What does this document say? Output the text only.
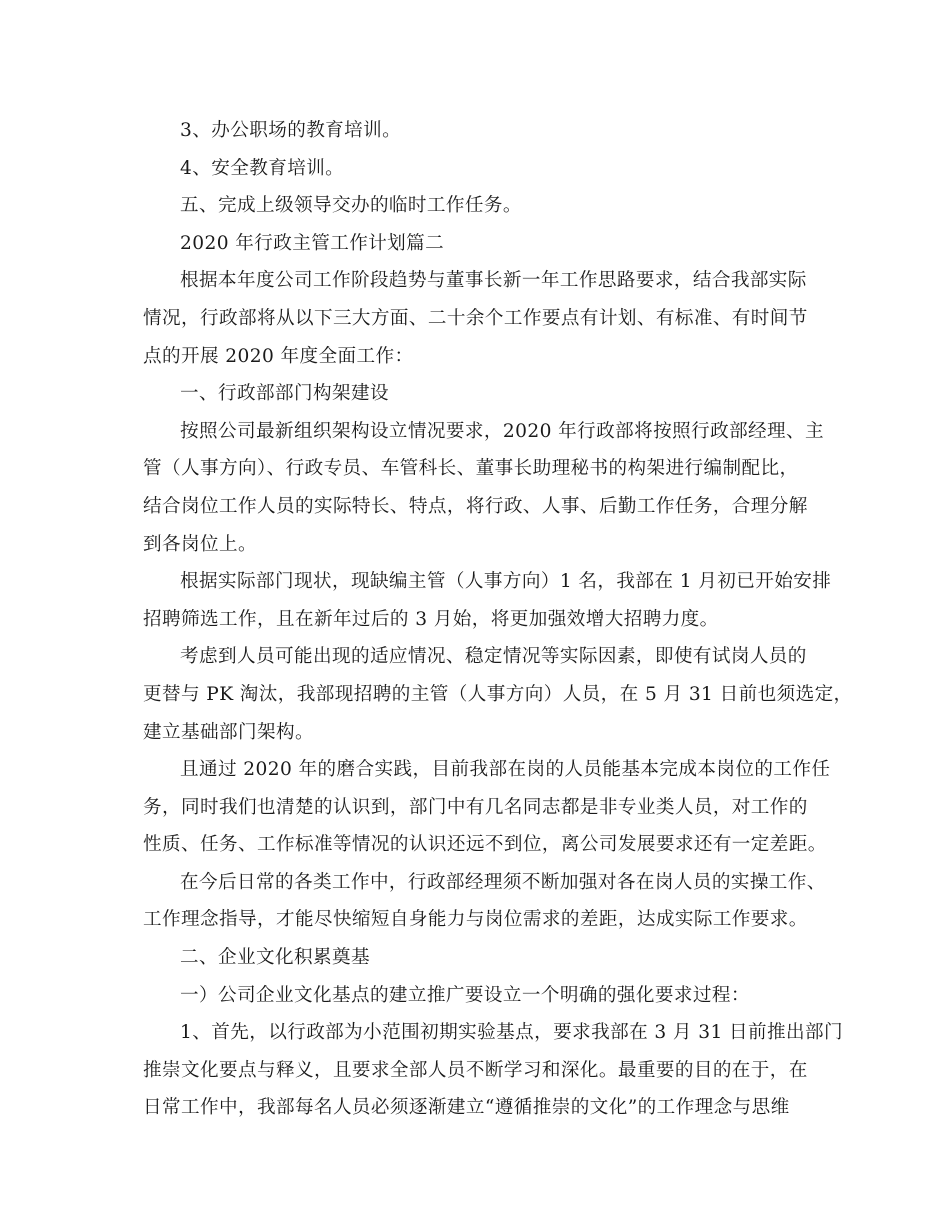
3、办公职场的教育培训。
4、安全教育培训。
五、完成上级领导交办的临时工作任务。
2020 年行政主管工作计划篇二
根据本年度公司工作阶段趋势与董事长新一年工作思路要求，结合我部实际
情况，行政部将从以下三大方面、二十余个工作要点有计划、有标准、有时间节
点的开展 2020 年度全面工作：
一、行政部部门构架建设
按照公司最新组织架构设立情况要求，2020 年行政部将按照行政部经理、主
管（人事方向）、行政专员、车管科长、董事长助理秘书的构架进行编制配比，
结合岗位工作人员的实际特长、特点，将行政、人事、后勤工作任务，合理分解
到各岗位上。
根据实际部门现状，现缺编主管（人事方向）1 名，我部在 1 月初已开始安排
招聘筛选工作，且在新年过后的 3 月始，将更加强效增大招聘力度。
考虑到人员可能出现的适应情况、稳定情况等实际因素，即使有试岗人员的
更替与 PK 淘汰，我部现招聘的主管（人事方向）人员，在 5 月 31 日前也须选定，
建立基础部门架构。
且通过 2020 年的磨合实践，目前我部在岗的人员能基本完成本岗位的工作任
务，同时我们也清楚的认识到，部门中有几名同志都是非专业类人员，对工作的
性质、任务、工作标准等情况的认识还远不到位，离公司发展要求还有一定差距。
在今后日常的各类工作中，行政部经理须不断加强对各在岗人员的实操工作、
工作理念指导，才能尽快缩短自身能力与岗位需求的差距，达成实际工作要求。
二、企业文化积累奠基
一）公司企业文化基点的建立推广要设立一个明确的强化要求过程：
1、首先，以行政部为小范围初期实验基点，要求我部在 3 月 31 日前推出部门
推崇文化要点与释义，且要求全部人员不断学习和深化。最重要的目的在于，在
日常工作中，我部每名人员必须逐渐建立“遵循推崇的文化”的工作理念与思维
